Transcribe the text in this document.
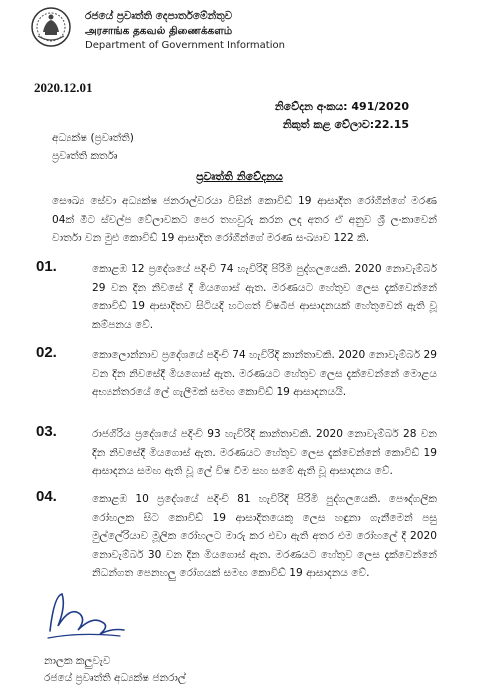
රජයේ ප්‍රවෘත්ති දෙපාර්තමේන්තුව
அரசாங்க தகவல் திணைக்களம்
Department of Government Information
2020.12.01
නිවේදන අංකය: 491/2020
නිකුත් කළ වේලාව:22.15
අධ්‍යක්ෂ (ප්‍රවෘත්ති)
ප්‍රවෘත්ති කර්තෘ
ප්‍රවෘත්ති නිවේදනය
සෞඛ්‍ය සේවා අධ්‍යක්ෂ ජනරාල්වරයා විසින් කොවිඩ් 19 ආසාදිත රෝගීන්ගේ මරණ 04ක් මීට ස්වල්ප වේලාවකට පෙර තහවුරු කරන ලද අතර ඒ අනුව ශ්‍රී ලංකාවෙන් වාර්තා වන මුළු කොවිඩ් 19 ආසාදිත රෝගීන්ගේ මරණ සංඛ්‍යාව 122 කි.
01.	කොළඹ 12 ප්‍රදේශයේ පදිංචි 74 හැවිරිදි පිරිමි පුද්ගලයෙකි. 2020 නොවැම්බර් 29 වන දින නිවසේ දී මියගොස් ඇත. මරණයට හේතුව ලෙස දැක්වෙන්නේ කොවිඩ් 19 ආසාදිතව සිටියදි හටගත් විෂබීජ ආසාදනයක් හේතුවෙන් ඇති වූ කම්පනය වේ.
02.	කොලොන්නාව ප්‍රදේශයේ පදිංචි 74 හැවිරිදි කාන්තාවකි. 2020 නොවැම්බර් 29 වන දින නිවසේදී මියගොස් ඇත. මරණයට හේතුව ලෙස දැක්වෙන්නේ මොළය අභ්‍යන්තරයේ ලේ ගැලීමක් සමඟ කොවිඩ් 19 ආසාදනයයි.
03.	රාජගිරිය ප්‍රදේශයේ පදිංචි 93 හැවිරිදි කාන්තාවකි. 2020 නොවැම්බර් 28 වන දින නිවසේදී මියගොස් ඇත. මරණයට හේතුව ලෙස දැක්වෙන්නේ කොවිඩ් 19 ආසාදනය සමඟ ඇති වූ ලේ විෂ වීම සහ සමේ ඇති වූ ආසාදනය වේ.
04.	කොළඹ 10 ප්‍රදේශයේ පදිංචි 81 හැවිරිදි පිරිමි පුද්ගලයෙකි. පෞද්ගලික රෝහලක සිට කොවිඩ් 19 ආසාදිතයෙකු ලෙස හඳුනා ගැනීමෙන් පසු මුල්ලේරියාව මූලික රෝහලට මාරු කර එවා ඇති අතර එම රෝහලේ දී 2020 නොවැම්බර් 30 වන දින මියගොස් ඇත. මරණයට හේතුව ලෙස දැක්වෙන්නේ නිධන්ගත පෙනහලු රෝගයක් සමඟ කොවිඩ් 19 ආසාදනය වේ.
නාලක කලුවැව
රජයේ ප්‍රවෘත්ති අධ්‍යක්ෂ ජනරාල්
